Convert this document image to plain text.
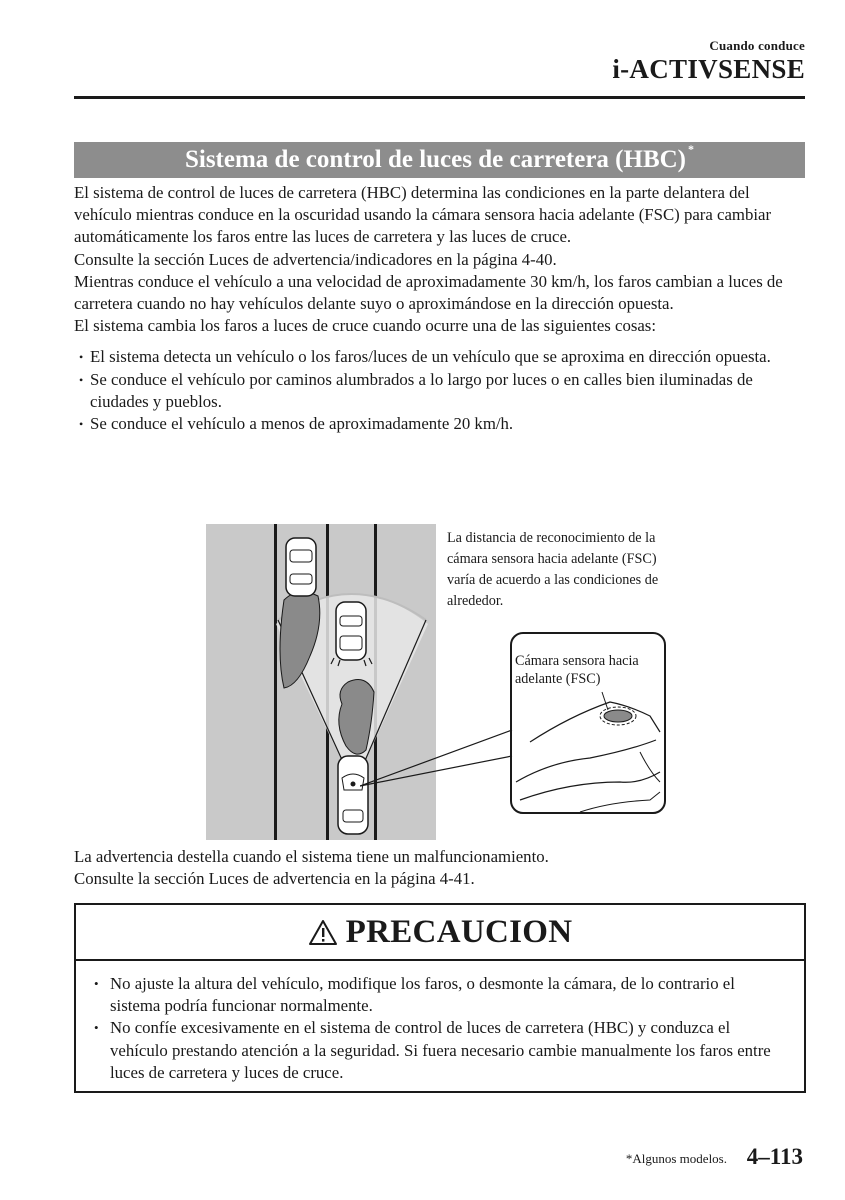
Cuando conduce
i-ACTIVSENSE
Sistema de control de luces de carretera (HBC) *

El sistema de control de luces de carretera (HBC) determina las condiciones en la parte delantera del vehículo mientras conduce en la oscuridad usando la cámara sensora hacia adelante (FSC) para cambiar automáticamente los faros entre las luces de carretera y las luces de cruce.

Consulte la sección Luces de advertencia/indicadores en la página 4-40.

Mientras conduce el vehículo a una velocidad de aproximadamente 30 km/h, los faros cambian a luces de carretera cuando no hay vehículos delante suyo o aproximándose en la dirección opuesta.

El sistema cambia los faros a luces de cruce cuando ocurre una de las siguientes cosas:

• El sistema detecta un vehículo o los faros/luces de un vehículo que se aproxima en dirección opuesta.
• Se conduce el vehículo por caminos alumbrados a lo largo por luces o en calles bien iluminadas de ciudades y pueblos.
• Se conduce el vehículo a menos de aproximadamente 20 km/h.
La distancia de reconocimiento de la cámara sensora hacia adelante (FSC) varía de acuerdo a las condiciones de alrededor.
Cámara sensora hacia adelante (FSC)

La advertencia destella cuando el sistema tiene un malfuncionamiento.

Consulte la sección Luces de advertencia en la página 4-41.

PRECAUCION
• No ajuste la altura del vehículo, modifique los faros, o desmonte la cámara, de lo contrario el sistema podría funcionar normalmente.
• No confíe excesivamente en el sistema de control de luces de carretera (HBC) y conduzca el vehículo prestando atención a la seguridad. Si fuera necesario cambie manualmente los faros entre luces de carretera y luces de cruce.
*Algunos modelos. 4–113
